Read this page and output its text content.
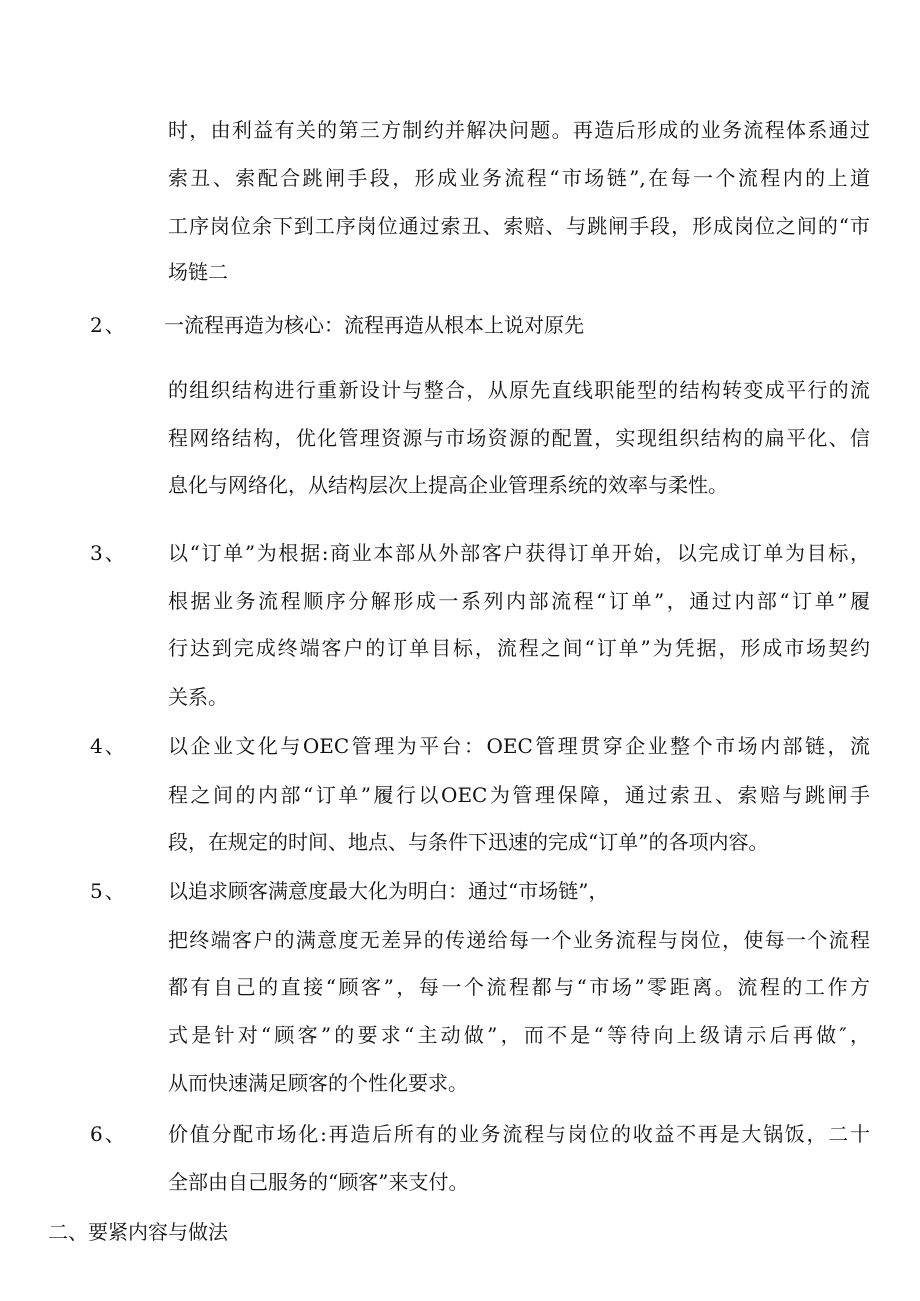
时，由利益有关的第三方制约并解决问题。再造后形成的业务流程体系通过
索丑、索配合跳闸手段，形成业务流程“市场链”,在每一个流程内的上道
工序岗位余下到工序岗位通过索丑、索赔、与跳闸手段，形成岗位之间的“市
场链二
2、 一流程再造为核心：流程再造从根本上说对原先
的组织结构进行重新设计与整合，从原先直线职能型的结构转变成平行的流
程网络结构，优化管理资源与市场资源的配置，实现组织结构的扁平化、信
息化与网络化，从结构层次上提高企业管理系统的效率与柔性。
3、 以“订单”为根据:商业本部从外部客户获得订单开始，以完成订单为目标，
根据业务流程顺序分解形成一系列内部流程“订单”，通过内部“订单”履
行达到完成终端客户的订单目标，流程之间“订单”为凭据，形成市场契约
关系。
4、 以企业文化与OEC管理为平台：OEC管理贯穿企业整个市场内部链，流
程之间的内部“订单”履行以OEC为管理保障，通过索丑、索赔与跳闸手
段，在规定的时间、地点、与条件下迅速的完成“订单”的各项内容。
5、 以追求顾客满意度最大化为明白：通过“市场链”，
把终端客户的满意度无差异的传递给每一个业务流程与岗位，使每一个流程
都有自己的直接“顾客”，每一个流程都与“市场”零距离。流程的工作方
式是针对“顾客”的要求“主动做”，而不是“等待向上级请示后再做″，
从而快速满足顾客的个性化要求。
6、 价值分配市场化:再造后所有的业务流程与岗位的收益不再是大锅饭，二十
全部由自己服务的“顾客”来支付。
二、要紧内容与做法
